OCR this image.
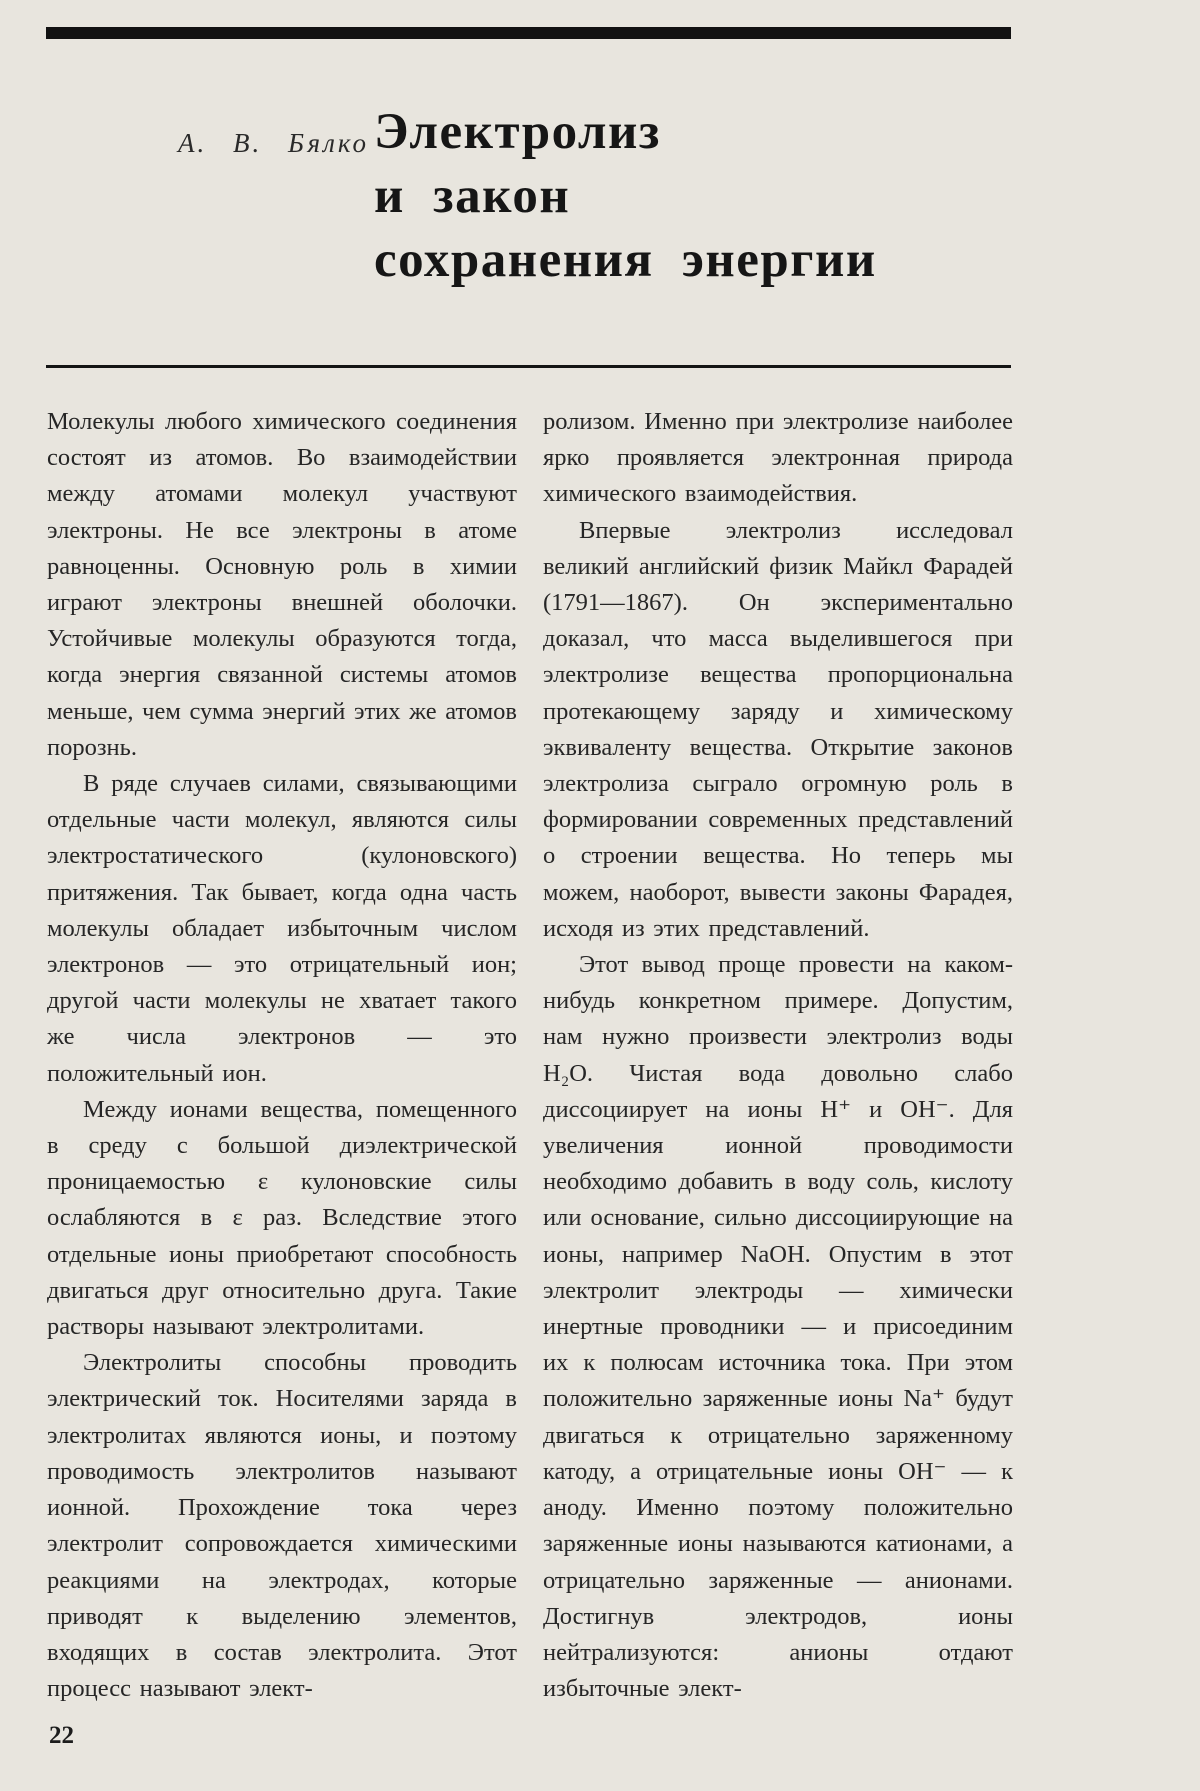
А. В. Бялко Электролиз
и закон
сохранения энергии

Молекулы любого химического соединения состоят из атомов. Во взаимодействии между атомами молекул участвуют электроны. Не все электроны в атоме равноценны. Основную роль в химии играют электроны внешней оболочки. Устойчивые молекулы образуются тогда, когда энергия связанной системы атомов меньше, чем сумма энергий этих же атомов порознь.

В ряде случаев силами, связывающими отдельные части молекул, являются силы электростатического (кулоновского) притяжения. Так бывает, когда одна часть молекулы обладает избыточным числом электронов — это отрицательный ион; другой части молекулы не хватает такого же числа электронов — это положительный ион.

Между ионами вещества, помещенного в среду с большой диэлектрической проницаемостью ε кулоновские силы ослабляются в ε раз. Вследствие этого отдельные ионы приобретают способность двигаться друг относительно друга. Такие растворы называют электролитами.

Электролиты способны проводить электрический ток. Носителями заряда в электролитах являются ионы, и поэтому проводимость электролитов называют ионной. Прохождение тока через электролит сопровождается химическими реакциями на электродах, которые приводят к выделению элементов, входящих в состав электролита. Этот процесс называют элект-

ролизом. Именно при электролизе наиболее ярко проявляется электронная природа химического взаимодействия.

Впервые электролиз исследовал великий английский физик Майкл Фарадей (1791—1867). Он экспериментально доказал, что масса выделившегося при электролизе вещества пропорциональна протекающему заряду и химическому эквиваленту вещества. Открытие законов электролиза сыграло огромную роль в формировании современных представлений о строении вещества. Но теперь мы можем, наоборот, вывести законы Фарадея, исходя из этих представлений.

Этот вывод проще провести на каком-нибудь конкретном примере. Допустим, нам нужно произвести электролиз воды H₂O. Чистая вода довольно слабо диссоциирует на ионы H⁺ и OH⁻. Для увеличения ионной проводимости необходимо добавить в воду соль, кислоту или основание, сильно диссоциирующие на ионы, например NaOH. Опустим в этот электролит электроды — химически инертные проводники — и присоединим их к полюсам источника тока. При этом положительно заряженные ионы Na⁺ будут двигаться к отрицательно заряженному катоду, а отрицательные ионы OH⁻ — к аноду. Именно поэтому положительно заряженные ионы называются катионами, а отрицательно заряженные — анионами. Достигнув электродов, ионы нейтрализуются: анионы отдают избыточные элект-

22
